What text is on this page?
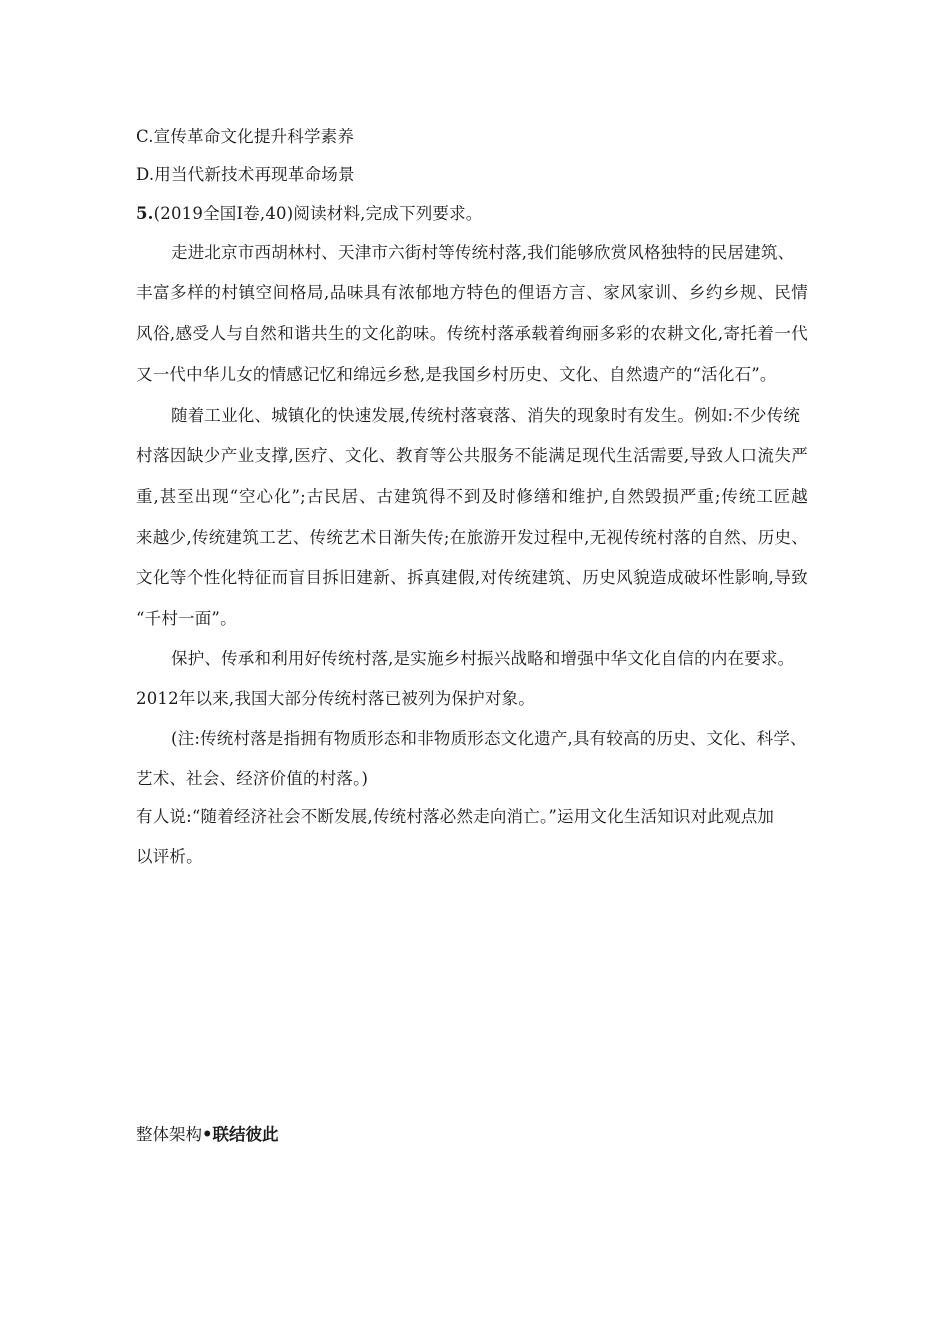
C.宣传革命文化提升科学素养
D.用当代新技术再现革命场景
5.(2019全国Ⅰ卷,40)阅读材料,完成下列要求。
走进北京市西胡林村、天津市六街村等传统村落,我们能够欣赏风格独特的民居建筑、
丰富多样的村镇空间格局,品味具有浓郁地方特色的俚语方言、家风家训、乡约乡规、民情
风俗,感受人与自然和谐共生的文化韵味。传统村落承载着绚丽多彩的农耕文化,寄托着一代
又一代中华儿女的情感记忆和绵远乡愁,是我国乡村历史、文化、自然遗产的“活化石”。
随着工业化、城镇化的快速发展,传统村落衰落、消失的现象时有发生。例如:不少传统
村落因缺少产业支撑,医疗、文化、教育等公共服务不能满足现代生活需要,导致人口流失严
重,甚至出现“空心化”;古民居、古建筑得不到及时修缮和维护,自然毁损严重;传统工匠越
来越少,传统建筑工艺、传统艺术日渐失传;在旅游开发过程中,无视传统村落的自然、历史、
文化等个性化特征而盲目拆旧建新、拆真建假,对传统建筑、历史风貌造成破坏性影响,导致
“千村一面”。
保护、传承和利用好传统村落,是实施乡村振兴战略和增强中华文化自信的内在要求。
2012年以来,我国大部分传统村落已被列为保护对象。
(注:传统村落是指拥有物质形态和非物质形态文化遗产,具有较高的历史、文化、科学、
艺术、社会、经济价值的村落。)
有人说:“随着经济社会不断发展,传统村落必然走向消亡。”运用文化生活知识对此观点加
以评析。
整体架构•联结彼此
